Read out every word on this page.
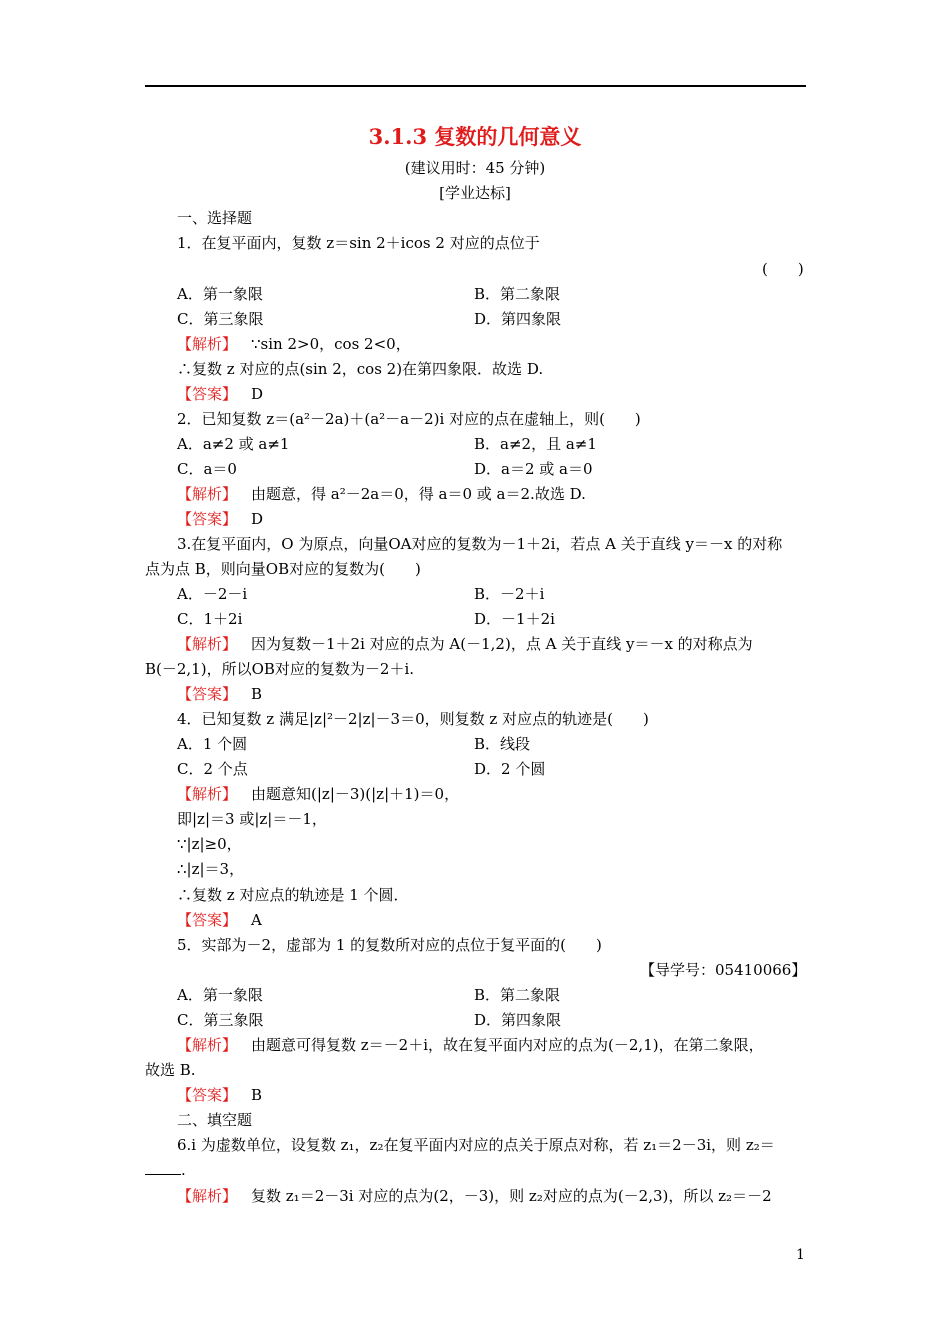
3.1.3 复数的几何意义
(建议用时：45 分钟)
[学业达标]
一、选择题
1．在复平面内，复数 z＝sin 2＋icos 2 对应的点位于
(　　)
A．第一象限	B．第二象限
C．第三象限	D．第四象限
【解析】 ∵sin 2>0，cos 2<0，
∴复数 z 对应的点(sin 2，cos 2)在第四象限．故选 D.
【答案】 D
2．已知复数 z＝(a²－2a)＋(a²－a－2)i 对应的点在虚轴上，则(　　)
A．a≠2 或 a≠1	B．a≠2，且 a≠1
C．a＝0	D．a＝2 或 a＝0
【解析】 由题意，得 a²－2a＝0，得 a＝0 或 a＝2.故选 D.
【答案】 D
3.在复平面内，O 为原点，向量OA对应的复数为－1＋2i，若点 A 关于直线 y＝－x 的对称
点为点 B，则向量OB对应的复数为(　　)
A．－2－i	B．－2＋i
C．1＋2i	D．－1＋2i
【解析】 因为复数－1＋2i 对应的点为 A(－1,2)，点 A 关于直线 y＝－x 的对称点为
B(－2,1)，所以OB对应的复数为－2＋i.
【答案】 B
4．已知复数 z 满足|z|²－2|z|－3＝0，则复数 z 对应点的轨迹是(　　)
A．1 个圆	B．线段
C．2 个点	D．2 个圆
【解析】 由题意知(|z|－3)(|z|＋1)＝0，
即|z|＝3 或|z|＝－1，
∵|z|≥0，
∴|z|＝3，
∴复数 z 对应点的轨迹是 1 个圆．
【答案】 A
5．实部为－2，虚部为 1 的复数所对应的点位于复平面的(　　)
【导学号：05410066】
A．第一象限	B．第二象限
C．第三象限	D．第四象限
【解析】 由题意可得复数 z＝－2＋i，故在复平面内对应的点为(－2,1)，在第二象限，
故选 B.
【答案】 B
二、填空题
6.i 为虚数单位，设复数 z₁，z₂在复平面内对应的点关于原点对称，若 z₁＝2－3i，则 z₂＝
.
【解析】 复数 z₁＝2－3i 对应的点为(2，－3)，则 z₂对应的点为(－2,3)，所以 z₂＝－2
1
